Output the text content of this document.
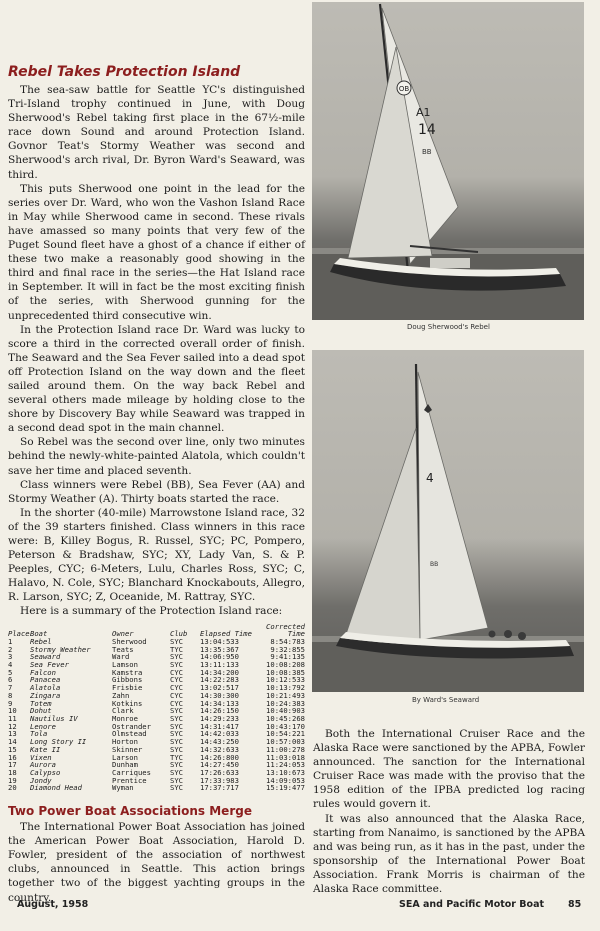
Rebel Takes Protection Island

The sea-saw battle for Seattle YC's distinguished Tri-Island trophy continued in June, with Doug Sherwood's Rebel taking first place in the 67½-mile race down Sound and around Protection Island. Govnor Teat's Stormy Weather was second and Sherwood's arch rival, Dr. Byron Ward's Seaward, was third.

This puts Sherwood one point in the lead for the series over Dr. Ward, who won the Vashon Island Race in May while Sherwood came in second. These rivals have amassed so many points that very few of the Puget Sound fleet have a ghost of a chance if either of these two make a reasonably good showing in the third and final race in the series—the Hat Island race in September. It will in fact be the most exciting finish of the series, with Sherwood gunning for the unprecedented third consecutive win.

In the Protection Island race Dr. Ward was lucky to score a third in the corrected overall order of finish. The Seaward and the Sea Fever sailed into a dead spot off Protection Island on the way down and the fleet sailed around them. On the way back Rebel and several others made mileage by holding close to the shore by Discovery Bay while Seaward was trapped in a second dead spot in the main channel.

So Rebel was the second over line, only two minutes behind the newly-white-painted Alatola, which couldn't save her time and placed seventh.

Class winners were Rebel (BB), Sea Fever (AA) and Stormy Weather (A). Thirty boats started the race.

In the shorter (40-mile) Marrowstone Island race, 32 of the 39 starters finished. Class winners in this race were: B, Killey Bogus, R. Russel, SYC; PC, Pompero, Peterson & Bradshaw, SYC; XY, Lady Van, S. & P. Peeples, CYC; 6-Meters, Lulu, Charles Ross, SYC; C, Halavo, N. Cole, SYC; Blanchard Knockabouts, Allegro, R. Larson, SYC; Z, Oceanide, M. Rattray, SYC.

Here is a summary of the Protection Island race:

Place	Boat	Owner	Club	Elapsed Time	Corrected Time
1	Rebel	Sherwood	SYC	13:04:533	8:54:783
2	Stormy Weather	Teats	TYC	13:35:367	9:32:855
3	Seaward	Ward	SYC	14:06:950	9:41:135
4	Sea Fever	Lamson	SYC	13:11:133	10:08:208
5	Falcon	Kamstra	CYC	14:34:200	10:08:385
6	Panacea	Gibbons	CYC	14:22:283	10:12:533
7	Alatola	Frisbie	CYC	13:02:517	10:13:792
8	Zingara	Zahn	CYC	14:30:300	10:21:493
9	Totem	Kotkins	CYC	14:34:133	10:24:383
10	Dohut	Clark	SYC	14:26:150	10:40:903
11	Nautilus IV	Monroe	SYC	14:29:233	10:45:268
12	Lenore	Ostrander	SYC	14:31:417	10:43:170
13	Tola	Olmstead	SYC	14:42:033	10:54:221
14	Long Story II	Horton	SYC	14:43:250	10:57:003
15	Kate II	Skinner	SYC	14:32:633	11:00:278
16	Vixen	Larson	TYC	14:26:800	11:03:018
17	Aurora	Dunham	SYC	14:27:450	11:24:053
18	Calypso	Carriques	SYC	17:26:633	13:10:673
19	Jondy	Prentice	SYC	17:33:983	14:09:053
20	Diamond Head	Wyman	SYC	17:37:717	15:19:477
Two Power Boat Associations Merge

The International Power Boat Association has joined the American Power Boat Association, Harold D. Fowler, president of the association of northwest clubs, announced in Seattle. This action brings together two of the biggest yachting groups in the country.

OB
A1
14
BB
Doug Sherwood's Rebel
4
BB
By Ward's Seaward

Both the International Cruiser Race and the Alaska Race were sanctioned by the APBA, Fowler announced. The sanction for the International Cruiser Race was made with the proviso that the 1958 edition of the IPBA predicted log racing rules would govern it.

It was also announced that the Alaska Race, starting from Nanaimo, is sanctioned by the APBA and was being run, as it has in the past, under the sponsorship of the International Power Boat Association. Frank Morris is chairman of the Alaska Race committee.

August, 1958	SEA and Pacific Motor Boat	85
